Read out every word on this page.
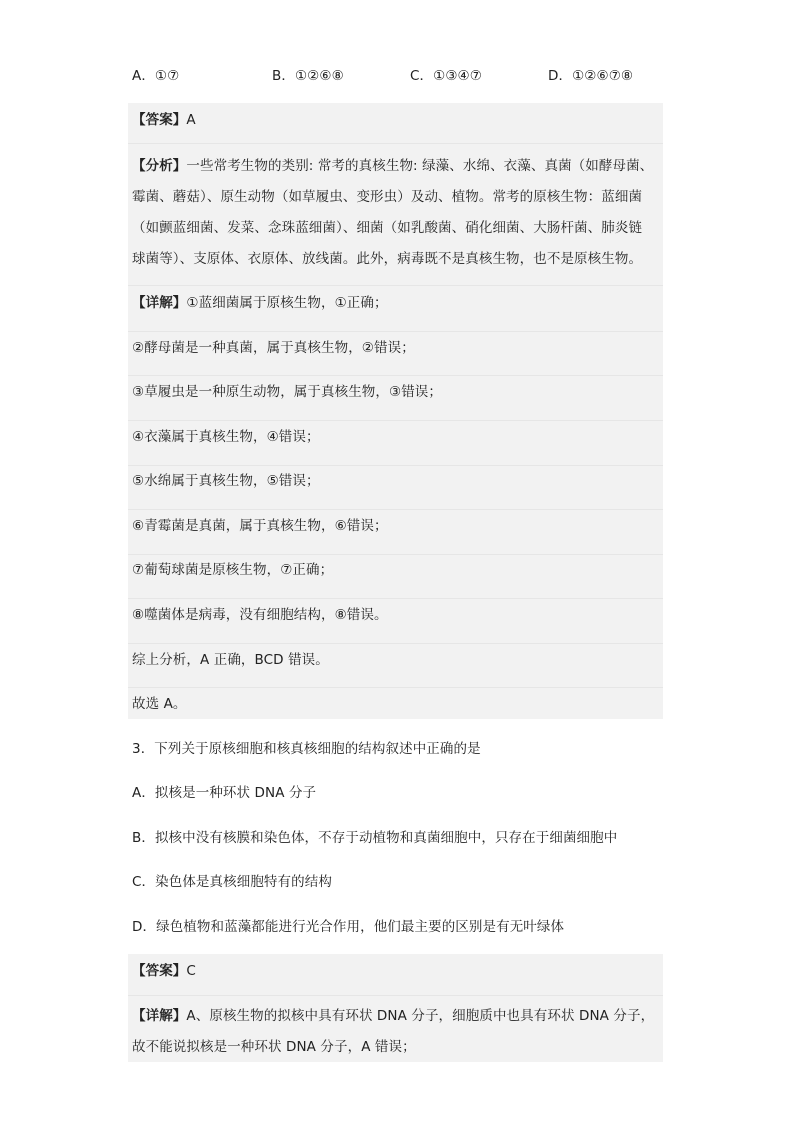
A．①⑦	B．①②⑥⑧	C．①③④⑦	D．①②⑥⑦⑧
【答案】A
【分析】一些常考生物的类别: 常考的真核生物: 绿藻、水绵、衣藻、真菌（如酵母菌、
霉菌、蘑菇）、原生动物（如草履虫、变形虫）及动、植物。常考的原核生物：蓝细菌
（如颤蓝细菌、发菜、念珠蓝细菌）、细菌（如乳酸菌、硝化细菌、大肠杆菌、肺炎链
球菌等）、支原体、衣原体、放线菌。此外，病毒既不是真核生物，也不是原核生物。
【详解】①蓝细菌属于原核生物，①正确；
②酵母菌是一种真菌，属于真核生物，②错误；
③草履虫是一种原生动物，属于真核生物，③错误；
④衣藻属于真核生物，④错误；
⑤水绵属于真核生物，⑤错误；
⑥青霉菌是真菌，属于真核生物，⑥错误；
⑦葡萄球菌是原核生物，⑦正确；
⑧噬菌体是病毒，没有细胞结构，⑧错误。
综上分析，A 正确，BCD 错误。
故选 A。
3．下列关于原核细胞和核真核细胞的结构叙述中正确的是
A．拟核是一种环状 DNA 分子
B．拟核中没有核膜和染色体，不存于动植物和真菌细胞中，只存在于细菌细胞中
C．染色体是真核细胞特有的结构
D．绿色植物和蓝藻都能进行光合作用，他们最主要的区别是有无叶绿体
【答案】C
【详解】A、原核生物的拟核中具有环状 DNA 分子，细胞质中也具有环状 DNA 分子，
故不能说拟核是一种环状 DNA 分子，A 错误；
